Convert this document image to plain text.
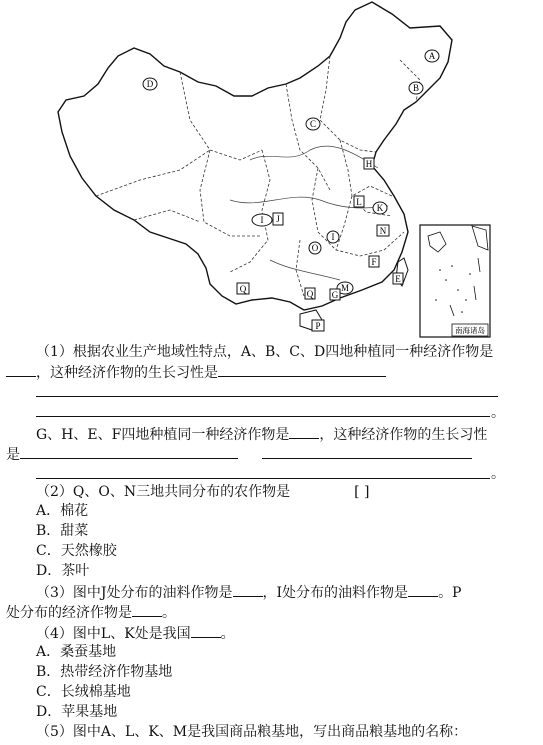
南海诸岛
A
B
C
D
I J
Q	Q
O
I
N
F
E
L
K
M
P
G
H
（1）根据农业生产地域性特点，A、B、C、D四地种植同一种经济作物是
，这种经济作物的生长习性是
。
G、H、E、F四地种植同一种经济作物是 ，这种经济作物的生长习性
是
。
（2）Q、O、N三地共同分布的农作物是	[ ]
A．棉花
B．甜菜
C．天然橡胶
D．茶叶
（3）图中J处分布的油料作物是 ，I处分布的油料作物是 。P
处分布的经济作物是 。
（4）图中L、K处是我国 。
A．桑蚕基地
B．热带经济作物基地
C．长绒棉基地
D．苹果基地
（5）图中A、L、K、M是我国商品粮基地，写出商品粮基地的名称：
